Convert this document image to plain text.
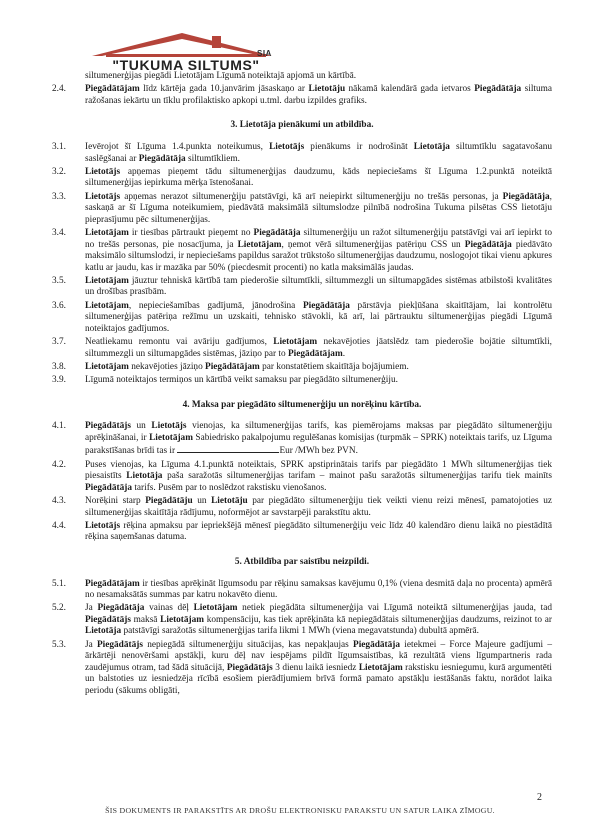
SIA
"TUKUMA SILTUMS"
siltumenerģijas piegādi Lietotājam Līgumā noteiktajā apjomā un kārtībā.
2.4.	Piegādātājam līdz kārtēja gada 10.janvārim jāsaskaņo ar Lietotāju nākamā kalendārā gada ietvaros Piegādātāja siltuma ražošanas iekārtu un tīklu profilaktisko apkopi u.tml. darbu izpildes grafiks.
3. Lietotāja pienākumi un atbildība.
3.1.	Ievērojot šī Līguma 1.4.punkta noteikumus, Lietotājs pienākums ir nodrošināt Lietotāja siltumtīklu sagatavošanu saslēgšanai ar Piegādātāja siltumtīkliem.
3.2.	Lietotājs apņemas pieņemt tādu siltumenerģijas daudzumu, kāds nepieciešams šī Līguma 1.2.punktā noteiktā siltumenerģijas iepirkuma mērķa īstenošanai.
3.3.	Lietotājs apņemas nerazot siltumenerģiju patstāvīgi, kā arī neiepirkt siltumenerģiju no trešās personas, ja Piegādātāja, saskaņā ar šī Līguma noteikumiem, piedāvātā maksimālā siltumslodze pilnībā nodrošina Tukuma pilsētas CSS lietotāju pieprasījumu pēc siltumenerģijas.
3.4.	Lietotājam ir tiesības pārtraukt pieņemt no Piegādātāja siltumenerģiju un ražot siltumenerģiju patstāvīgi vai arī iepirkt to no trešās personas, pie nosacījuma, ja Lietotājam, ņemot vērā siltumenerģijas patēriņu CSS un Piegādātāja piedāvāto maksimālo siltumslodzi, ir nepieciešams papildus saražot trūkstošo siltumenerģijas daudzumu, noslogojot tikai vienu apkures katlu ar jaudu, kas ir mazāka par 50% (piecdesmit procenti) no katla maksimālās jaudas.
3.5.	Lietotājam jāuztur tehniskā kārtībā tam piederošie siltumtīkli, siltummezgli un siltumapgādes sistēmas atbilstoši kvalitātes un drošības prasībām.
3.6.	Lietotājam, nepieciešamības gadījumā, jānodrošina Piegādātāja pārstāvja piekļūšana skaitītājam, lai kontrolētu siltumenerģijas patēriņa režīmu un uzskaiti, tehnisko stāvokli, kā arī, lai pārtrauktu siltumenerģijas piegādi Līgumā noteiktajos gadījumos.
3.7.	Neatliekamu remontu vai avāriju gadījumos, Lietotājam nekavējoties jāatslēdz tam piederošie bojātie siltumtīkli, siltummezgli un siltumapgādes sistēmas, jāziņo par to Piegādātājam.
3.8.	Lietotājam nekavējoties jāziņo Piegādātājam par konstatētiem skaitītāja bojājumiem.
3.9.	Līgumā noteiktajos termiņos un kārtībā veikt samaksu par piegādāto siltumenerģiju.
4. Maksa par piegādāto siltumenerģiju un norēķinu kārtība.
4.1.	Piegādātājs un Lietotājs vienojas, ka siltumenerģijas tarifs, kas piemērojams maksas par piegādāto siltumenerģiju aprēķināšanai, ir Lietotājam Sabiedrisko pakalpojumu regulēšanas komisijas (turpmāk – SPRK) noteiktais tarifs, uz Līguma parakstīšanas brīdi tas ir	Eur /MWh bez PVN.
4.2.	Puses vienojas, ka Līguma 4.1.punktā noteiktais, SPRK apstiprinātais tarifs par piegādāto 1 MWh siltumenerģijas tiek piesaistīts Lietotāja paša saražotās siltumenerģijas tarifam – mainot pašu saražotās siltumenerģijas tarifu tiek mainīts Piegādātāja tarifs. Pusēm par to noslēdzot rakstisku vienošanos.
4.3.	Norēķini starp Piegādātāju un Lietotāju par piegādāto siltumenerģiju tiek veikti vienu reizi mēnesī, pamatojoties uz siltumenerģijas skaitītāja rādījumu, noformējot ar savstarpēji parakstītu aktu.
4.4.	Lietotājs rēķina apmaksu par iepriekšējā mēnesī piegādāto siltumenerģiju veic līdz 40 kalendāro dienu laikā no piestādītā rēķina saņemšanas datuma.
5. Atbildība par saistību neizpildi.
5.1.	Piegādātājam ir tiesības aprēķināt līgumsodu par rēķinu samaksas kavējumu 0,1% (viena desmitā daļa no procenta) apmērā no nesamaksātās summas par katru nokavēto dienu.
5.2.	Ja Piegādātāja vainas dēļ Lietotājam netiek piegādāta siltumenerģija vai Līgumā noteiktā siltumenerģijas jauda, tad Piegādātājs maksā Lietotājam kompensāciju, kas tiek aprēķināta kā nepiegādātais siltumenerģijas daudzums, reizinot to ar Lietotāja patstāvīgi saražotās siltumenerģijas tarifa likmi 1 MWh (viena megavatstunda) dubultā apmērā.
5.3.	Ja Piegādātājs nepiegādā siltumenerģiju situācijas, kas nepakļaujas Piegādātāja ietekmei – Force Majeure gadījumi – ārkārtēji nenovēršami apstākļi, kuru dēļ nav iespējams pildīt līgumsaistības, kā rezultātā viens līgumpartneris rada zaudējumus otram, tad šādā situācijā, Piegādātājs 3 dienu laikā iesniedz Lietotājam rakstisku iesniegumu, kurā argumentēti un balstoties uz iesniedzēja rīcībā esošiem pierādījumiem brīvā formā pamato apstākļu iestāšanās faktu, norādot laika periodu (sākums obligāti,
2
ŠIS DOKUMENTS IR PARAKSTĪTS AR DROŠU ELEKTRONISKU PARAKSTU UN SATUR LAIKA ZĪMOGU.
